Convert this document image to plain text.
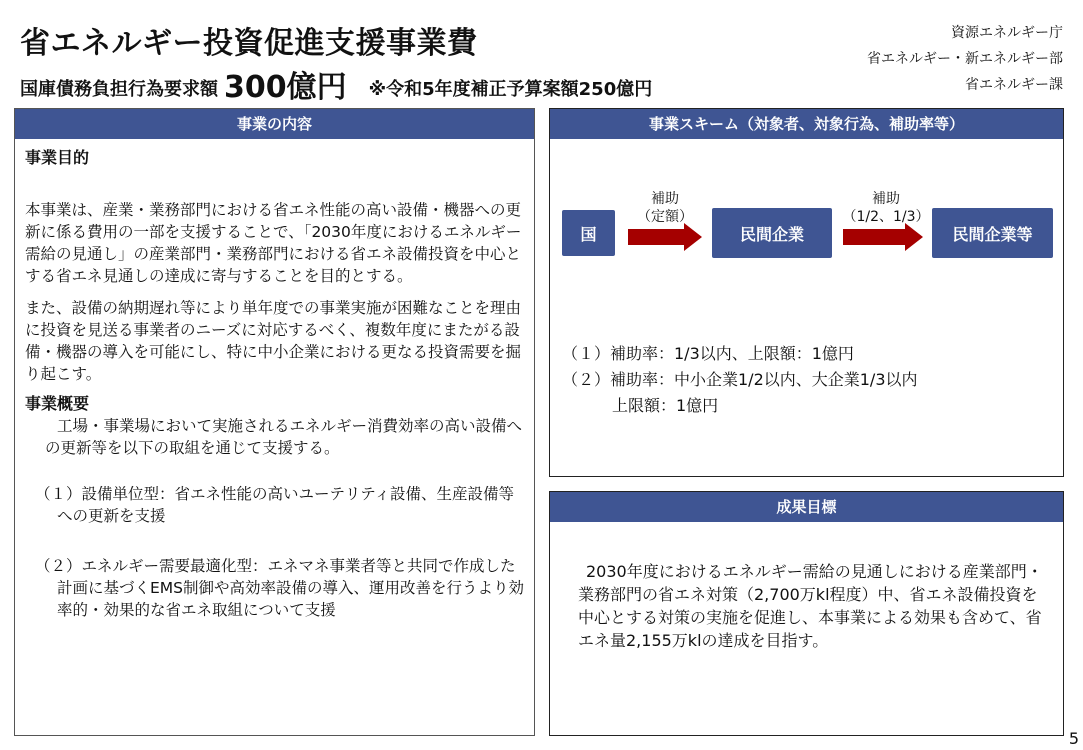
省エネルギー投資促進支援事業費
国庫債務負担行為要求額 300億円 ※令和5年度補正予算案額250億円
資源エネルギー庁
省エネルギー・新エネルギー部
省エネルギー課
事業の内容
事業目的

本事業は、産業・業務部門における省エネ性能の高い設備・機器への更新に係る費用の一部を支援することで、「2030年度におけるエネルギー需給の見通し」の産業部門・業務部門における省エネ設備投資を中心とする省エネ見通しの達成に寄与することを目的とする。

また、設備の納期遅れ等により単年度での事業実施が困難なことを理由に投資を見送る事業者のニーズに対応するべく、複数年度にまたがる設備・機器の導入を可能にし、特に中小企業における更なる投資需要を掘り起こす。

事業概要
工場・事業場において実施されるエネルギー消費効率の高い設備への更新等を以下の取組を通じて支援する。
（１）設備単位型：省エネ性能の高いユーテリティ設備、生産設備等への更新を支援
（２）エネルギー需要最適化型：エネマネ事業者等と共同で作成した計画に基づくEMS制御や高効率設備の導入、運用改善を行うより効率的・効果的な省エネ取組について支援
事業スキーム（対象者、対象行為、補助率等）
国
補助
（定額）
民間企業
補助
（1/2、1/3）
民間企業等
（１）補助率：1/3以内、上限額：1億円
（２）補助率：中小企業1/2以内、大企業1/3以内
上限額：1億円
成果目標
2030年度におけるエネルギー需給の見通しにおける産業部門・業務部門の省エネ対策（2,700万kl程度）中、省エネ設備投資を中心とする対策の実施を促進し、本事業による効果も含めて、省エネ量2,155万klの達成を目指す。
5
